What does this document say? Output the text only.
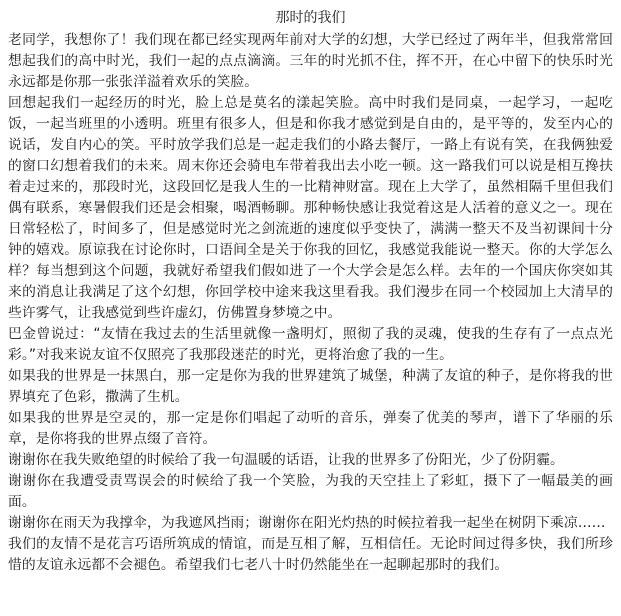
那时的我们

老同学，我想你了！我们现在都已经实现两年前对大学的幻想，大学已经过了两年半，但我常常回想起我们的高中时光，我们一起的点点滴滴。三年的时光抓不住，挥不开，在心中留下的快乐时光永远都是你那一张张洋溢着欢乐的笑脸。

回想起我们一起经历的时光，脸上总是莫名的漾起笑脸。高中时我们是同桌，一起学习，一起吃饭，一起当班里的小透明。班里有很多人，但是和你我才感觉到是自由的，是平等的，发至内心的说话，发自内心的笑。平时放学我们总是一起走我们的小路去餐厅，一路上有说有笑，在我俩独爱的窗口幻想着我们的未来。周末你还会骑电车带着我出去小吃一顿。这一路我们可以说是相互搀扶着走过来的，那段时光，这段回忆是我人生的一比精神财富。现在上大学了，虽然相隔千里但我们偶有联系，寒暑假我们还是会相聚，喝酒畅聊。那种畅快感让我觉着这是人活着的意义之一。现在日常轻松了，时间多了，但是感觉时光之剑流逝的速度似乎变快了，满满一整天不及当初课间十分钟的嬉戏。原谅我在讨论你时，口语间全是关于你我的回忆，我感觉我能说一整天。你的大学怎么样？每当想到这个问题，我就好希望我们假如进了一个大学会是怎么样。去年的一个国庆你突如其来的消息让我满足了这个幻想，你回学校中途来我这里看我。我们漫步在同一个校园加上大清早的些许雾气，让我感觉到些许虚幻，仿佛置身梦境之中。

巴金曾说过：“友情在我过去的生活里就像一盏明灯，照彻了我的灵魂，使我的生存有了一点点光彩。”对我来说友谊不仅照亮了我那段迷茫的时光，更将治愈了我的一生。

如果我的世界是一抹黑白，那一定是你为我的世界建筑了城堡，种满了友谊的种子，是你将我的世界填充了色彩，撒满了生机。

如果我的世界是空灵的，那一定是你们唱起了动听的音乐，弹奏了优美的琴声，谱下了华丽的乐章，是你将我的世界点缀了音符。

谢谢你在我失败绝望的时候给了我一句温暖的话语，让我的世界多了份阳光，少了份阴霾。

谢谢你在我遭受责骂误会的时候给了我一个笑脸，为我的天空挂上了彩虹，摄下了一幅最美的画面。

谢谢你在雨天为我撑伞，为我遮风挡雨；谢谢你在阳光灼热的时候拉着我一起坐在树阴下乘凉……

我们的友情不是花言巧语所筑成的情谊，而是互相了解，互相信任。无论时间过得多快，我们所珍惜的友谊永远都不会褪色。希望我们七老八十时仍然能坐在一起聊起那时的我们。
